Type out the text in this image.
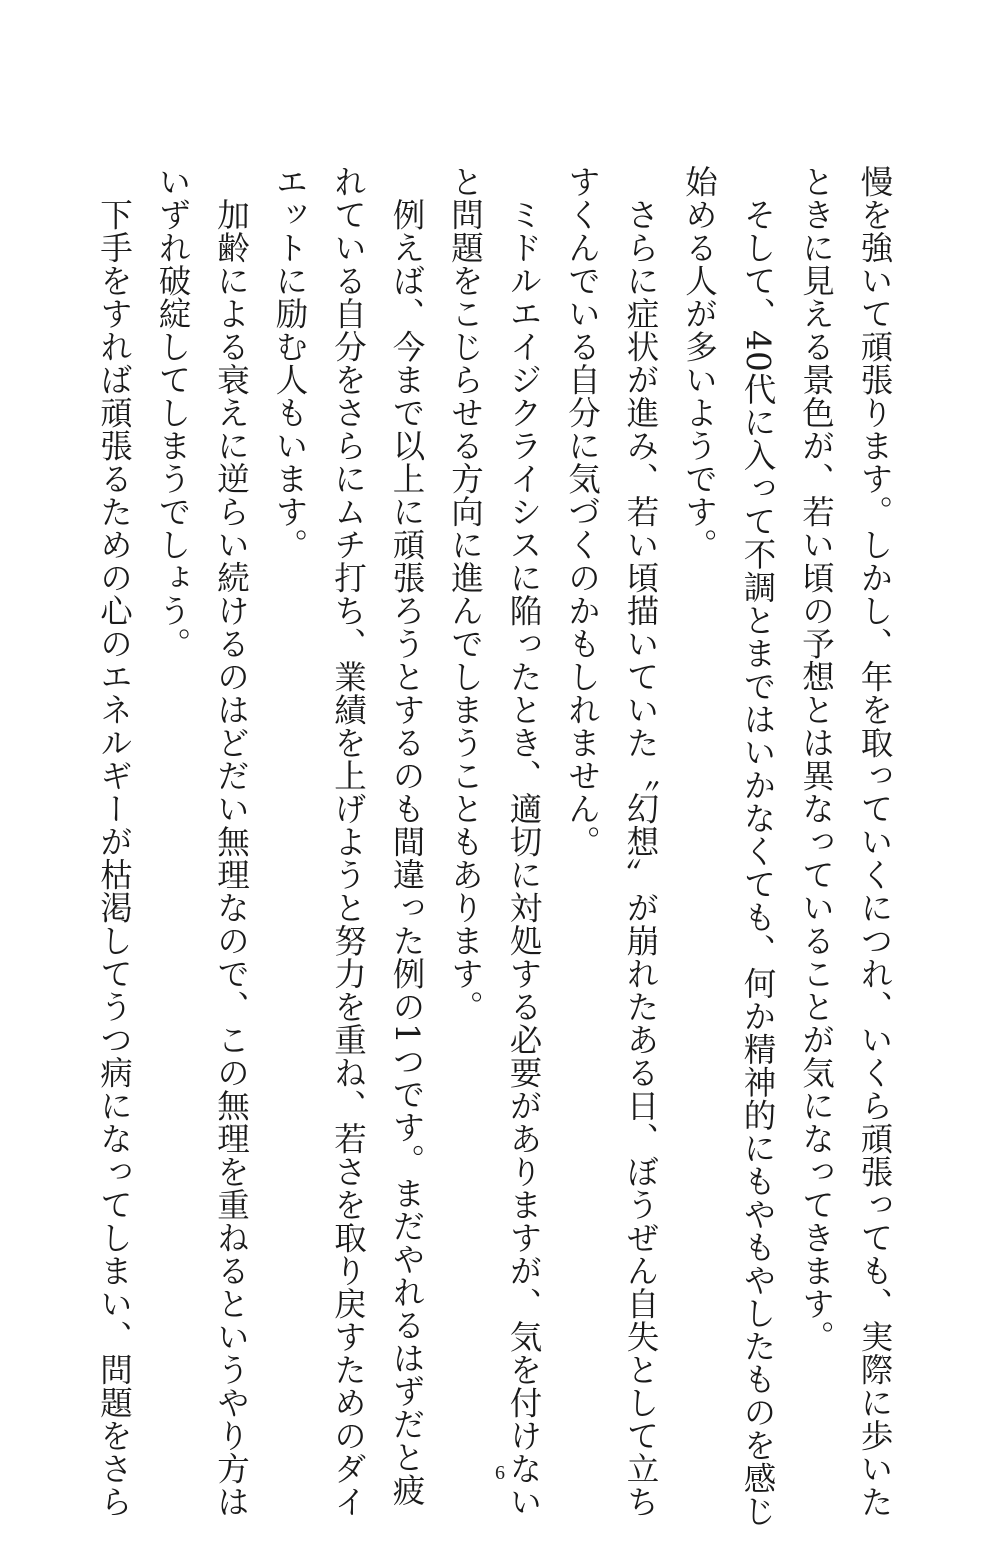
慢を強いて頑張ります。しかし、年を取っていくにつれ、いくら頑張っても、実際に歩いた
ときに見える景色が、若い頃の予想とは異なっていることが気になってきます。
　そして、40代に入って不調とまではいかなくても、何か精神的にもやもやしたものを感じ
始める人が多いようです。
　さらに症状が進み、若い頃描いていた〝幻想〟が崩れたある日、ぼうぜん自失として立ち
すくんでいる自分に気づくのかもしれません。
　ミドルエイジクライシスに陥ったとき、適切に対処する必要がありますが、気を付けない
と問題をこじらせる方向に進んでしまうこともあります。
　例えば、今まで以上に頑張ろうとするのも間違った例の1つです。まだやれるはずだと疲
れている自分をさらにムチ打ち、業績を上げようと努力を重ね、若さを取り戻すためのダイ
エットに励む人もいます。
　加齢による衰えに逆らい続けるのはどだい無理なので、この無理を重ねるというやり方は
いずれ破綻してしまうでしょう。
　下手をすれば頑張るための心のエネルギーが枯渇してうつ病になってしまい、問題をさら	6
